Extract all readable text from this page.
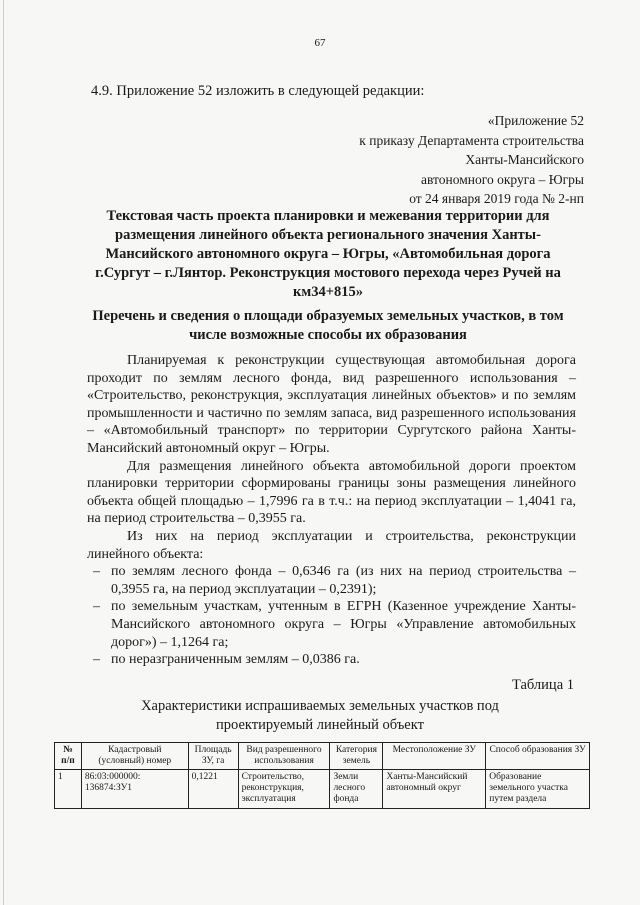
67
4.9. Приложение 52 изложить в следующей редакции:
«Приложение 52
к приказу Департамента строительства
Ханты-Мансийского
автономного округа – Югры
от 24 января 2019 года № 2-нп
Текстовая часть проекта планировки и межевания территории для размещения линейного объекта регионального значения Ханты-Мансийского автономного округа – Югры, «Автомобильная дорога г.Сургут – г.Лянтор. Реконструкция мостового перехода через Ручей на км34+815»
Перечень и сведения о площади образуемых земельных участков, в том числе возможные способы их образования

Планируемая к реконструкции существующая автомобильная дорога проходит по землям лесного фонда, вид разрешенного использования – «Строительство, реконструкция, эксплуатация линейных объектов» и по землям промышленности и частично по землям запаса, вид разрешенного использования – «Автомобильный транспорт» по территории Сургутского района Ханты-Мансийский автономный округ – Югры.

Для размещения линейного объекта автомобильной дороги проектом планировки территории сформированы границы зоны размещения линейного объекта общей площадью – 1,7996 га в т.ч.: на период эксплуатации – 1,4041 га, на период строительства – 0,3955 га.

Из них на период эксплуатации и строительства, реконструкции линейного объекта:

– по землям лесного фонда – 0,6346 га (из них на период строительства – 0,3955 га, на период эксплуатации – 0,2391);
– по земельным участкам, учтенным в ЕГРН (Казенное учреждение Ханты-Мансийского автономного округа – Югры «Управление автомобильных дорог») – 1,1264 га;
– по неразграниченным землям – 0,0386 га.
Таблица 1
Характеристики испрашиваемых земельных участков под проектируемый линейный объект
№ п/п	Кадастровый (условный) номер	Площадь ЗУ, га	Вид разрешенного использования	Категория земель	Местоположение ЗУ	Способ образования ЗУ
1	86:03:000000: 136874:ЗУ1	0,1221	Строительство, реконструкция, эксплуатация	Земли лесного фонда	Ханты-Мансийский автономный округ	Образование земельного участка путем раздела
